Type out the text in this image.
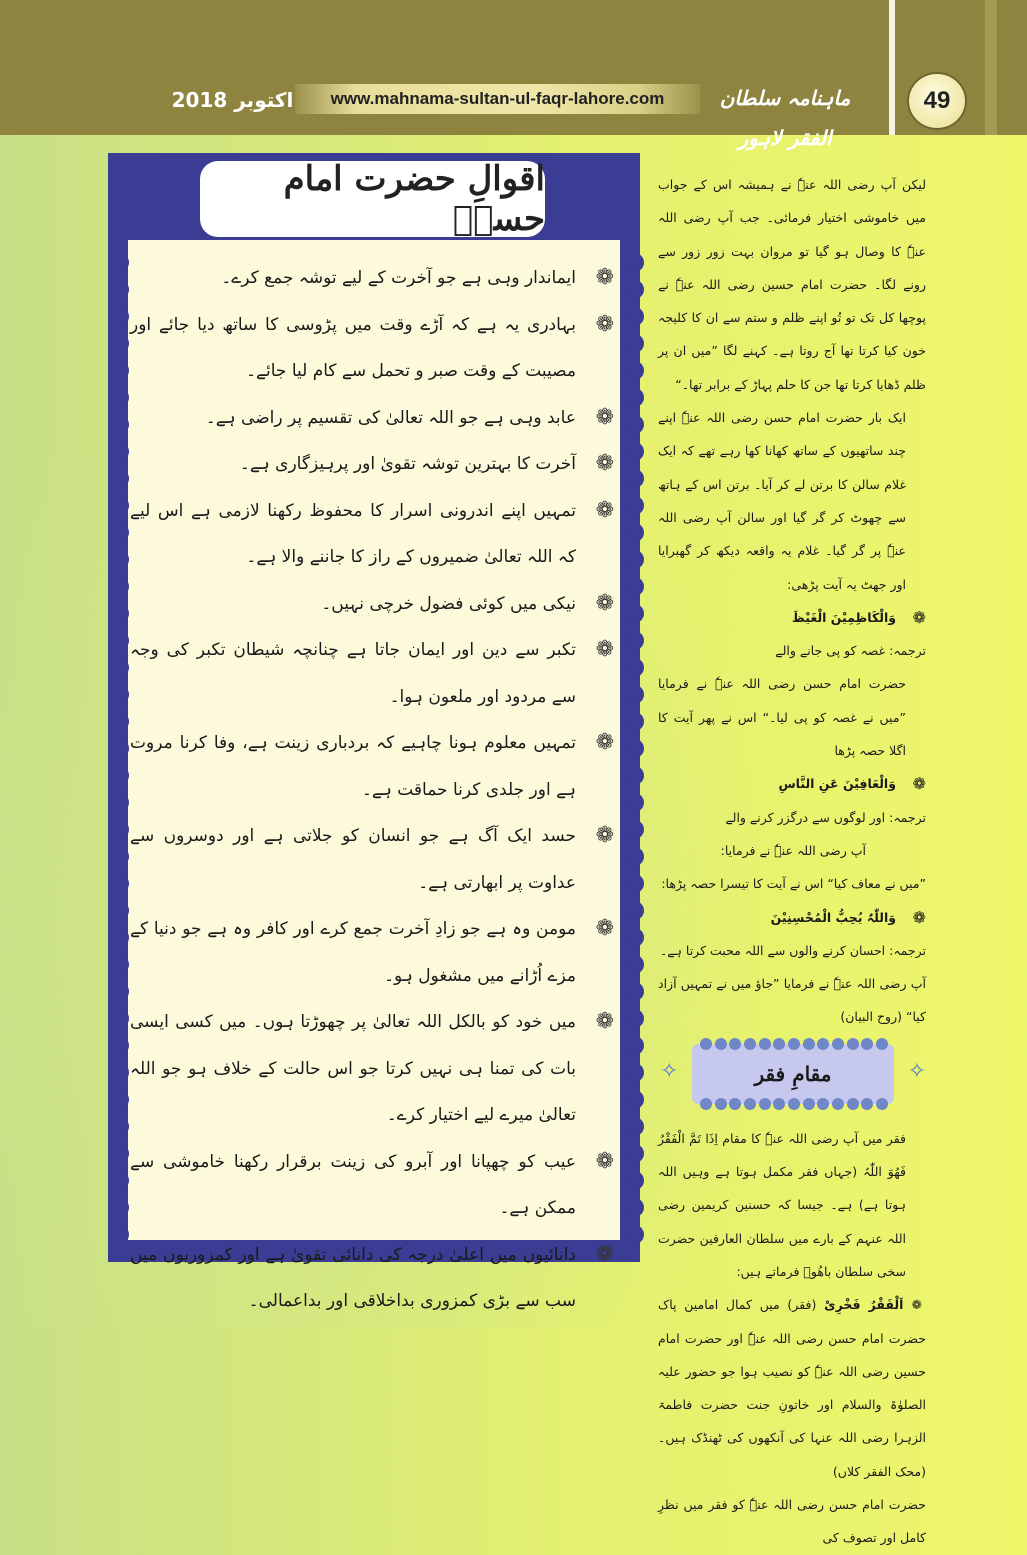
اکتوبر 2018	www.mahnama-sultan-ul-faqr-lahore.com	ماہنامہ سلطان الفقر لاہور
49
اقوالِ حضرت امام حسنؓ
❁
ایماندار وہی ہے جو آخرت کے لیے توشہ جمع کرے۔
❁
بہادری یہ ہے کہ آڑے وقت میں پڑوسی کا ساتھ دیا جائے اور مصیبت کے وقت صبر و تحمل سے کام لیا جائے۔
❁
عابد وہی ہے جو اللہ تعالیٰ کی تقسیم پر راضی ہے۔
❁
آخرت کا بہترین توشہ تقویٰ اور پرہیزگاری ہے۔
❁
تمہیں اپنے اندرونی اسرار کا محفوظ رکھنا لازمی ہے اس لیے کہ اللہ تعالیٰ ضمیروں کے راز کا جاننے والا ہے۔
❁
نیکی میں کوئی فضول خرچی نہیں۔
❁
تکبر سے دین اور ایمان جاتا ہے چنانچہ شیطان تکبر کی وجہ سے مردود اور ملعون ہوا۔
❁
تمہیں معلوم ہونا چاہیے کہ بردباری زینت ہے، وفا کرنا مروت ہے اور جلدی کرنا حماقت ہے۔
❁
حسد ایک آگ ہے جو انسان کو جلاتی ہے اور دوسروں سے عداوت پر ابھارتی ہے۔
❁
مومن وہ ہے جو زادِ آخرت جمع کرے اور کافر وہ ہے جو دنیا کے مزے اُڑانے میں مشغول ہو۔
❁
میں خود کو بالکل اللہ تعالیٰ پر چھوڑتا ہوں۔ میں کسی ایسی بات کی تمنا ہی نہیں کرتا جو اس حالت کے خلاف ہو جو اللہ تعالیٰ میرے لیے اختیار کرے۔
❁
عیب کو چھپانا اور آبرو کی زینت برقرار رکھنا خاموشی سے ممکن ہے۔
❁
دانائیوں میں اعلیٰ درجہ کی دانائی تقویٰ ہے اور کمزوریوں میں سب سے بڑی کمزوری بداخلاقی اور بداعمالی۔

لیکن آپ رضی اللہ عنہٗ نے ہمیشہ اس کے جواب میں خاموشی اختیار فرمائی۔ جب آپ رضی اللہ عنہٗ کا وصال ہو گیا تو مروان بہت زور زور سے رونے لگا۔ حضرت امام حسین رضی اللہ عنہٗ نے پوچھا کل تک تو تُو اپنے ظلم و ستم سے ان کا کلیجہ خون کیا کرتا تھا آج روتا ہے۔ کہنے لگا ”میں ان پر ظلم ڈھایا کرتا تھا جن کا حلم پہاڑ کے برابر تھا۔“

ایک بار حضرت امام حسن رضی اللہ عنہٗ اپنے چند ساتھیوں کے ساتھ کھانا کھا رہے تھے کہ ایک غلام سالن کا برتن لے کر آیا۔ برتن اس کے ہاتھ سے چھوٹ کر گر گیا اور سالن آپ رضی اللہ عنہٗ پر گر گیا۔ غلام یہ واقعہ دیکھ کر گھبرایا اور جھٹ یہ آیت پڑھی:

❁
وَالْکَاظِمِیْنَ الْغَیْظَ

ترجمہ: غصہ کو پی جانے والے

حضرت امام حسن رضی اللہ عنہٗ نے فرمایا ”میں نے غصہ کو پی لیا۔“ اس نے پھر آیت کا اگلا حصہ پڑھا

❁
وَالْعَافِیْنَ عَنِ النَّاسِ

ترجمہ: اور لوگوں سے درگزر کرنے والے

آپ رضی اللہ عنہٗ نے فرمایا:

”میں نے معاف کیا“ اس نے آیت کا تیسرا حصہ پڑھا:

❁
وَاللّٰہُ یُحِبُّ الْمُحْسِنِیْنَ

ترجمہ: احسان کرنے والوں سے اللہ محبت کرتا ہے۔

آپ رضی اللہ عنہٗ نے فرمایا ”جاؤ میں نے تمہیں آزاد کیا“ (روح البیان)

✧	✧
مقامِ فقر

فقر میں آپ رضی اللہ عنہٗ کا مقام اِذَا تَمَّ الْفَقْرُ فَھُوَ اللّٰہُ (جہاں فقر مکمل ہوتا ہے وہیں اللہ ہوتا ہے) ہے۔ جیسا کہ حسنین کریمین رضی اللہ عنہم کے بارے میں سلطان العارفین حضرت سخی سلطان باھُوؒ فرماتے ہیں:

❁ اَلْفَقْرُ فَخْرِیْ (فقر) میں کمال امامین پاک حضرت امام حسن رضی اللہ عنہٗ اور حضرت امام حسین رضی اللہ عنہٗ کو نصیب ہوا جو حضور علیہ الصلوٰۃ والسلام اور خاتونِ جنت حضرت فاطمۃ الزہرا رضی اللہ عنہا کی آنکھوں کی ٹھنڈک ہیں۔ (محک الفقر کلاں)

حضرت امام حسن رضی اللہ عنہٗ کو فقر میں نظرِ کامل اور تصوف کی
